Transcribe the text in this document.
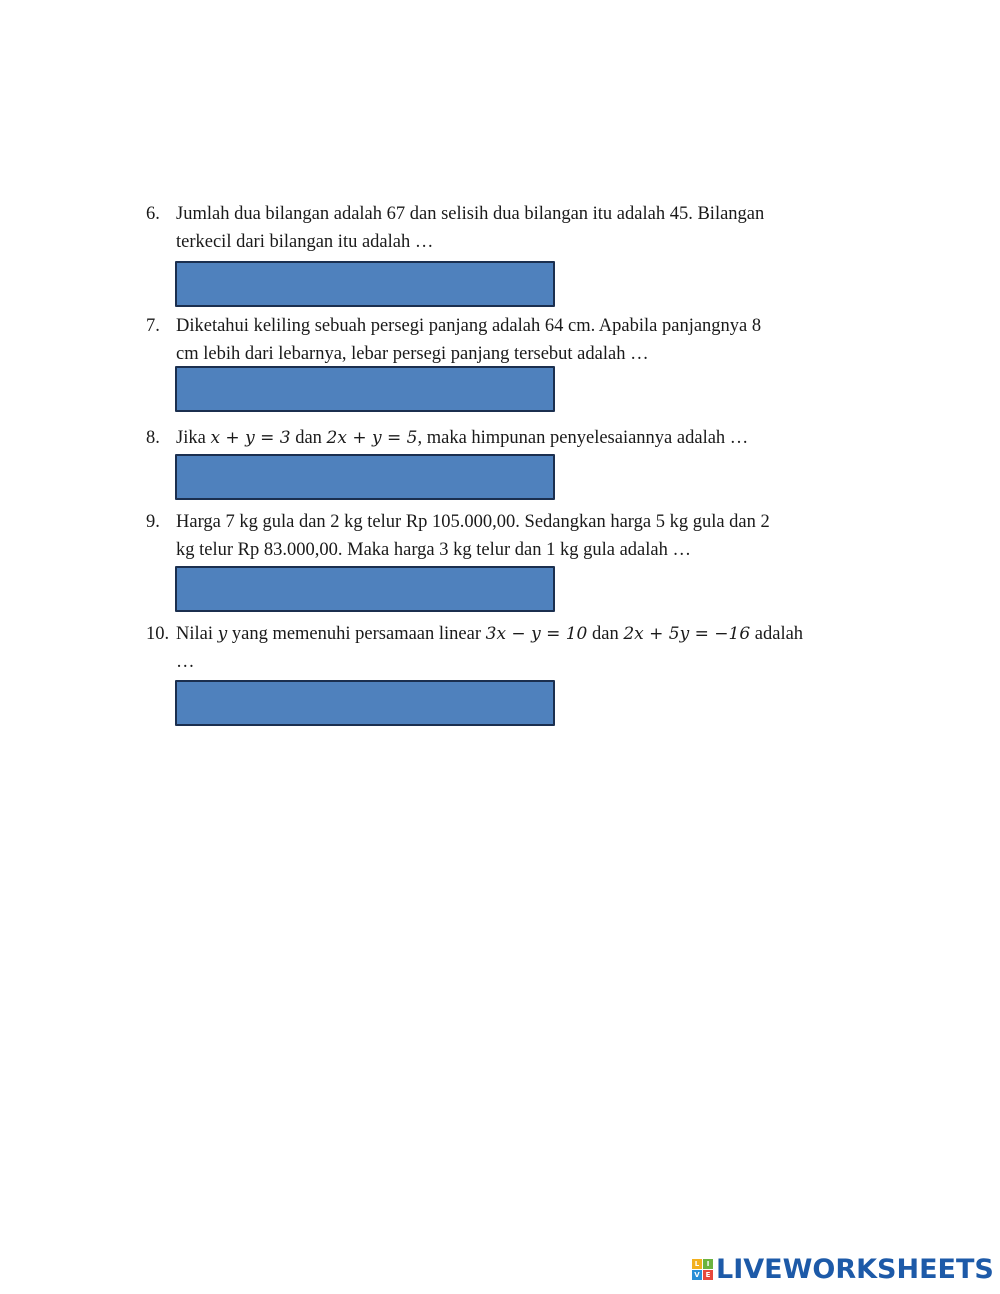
6. Jumlah dua bilangan adalah 67 dan selisih dua bilangan itu adalah 45. Bilangan
terkecil dari bilangan itu adalah …
7. Diketahui keliling sebuah persegi panjang adalah 64 cm. Apabila panjangnya 8
cm lebih dari lebarnya, lebar persegi panjang tersebut adalah …
8. Jika x + y = 3 dan 2x + y = 5, maka himpunan penyelesaiannya adalah …
9. Harga 7 kg gula dan 2 kg telur Rp 105.000,00. Sedangkan harga 5 kg gula dan 2
kg telur Rp 83.000,00. Maka harga 3 kg telur dan 1 kg gula adalah …
10. Nilai y yang memenuhi persamaan linear 3x − y = 10 dan 2x + 5y = −16 adalah
…
L	I
V E LIVEWORKSHEETS
